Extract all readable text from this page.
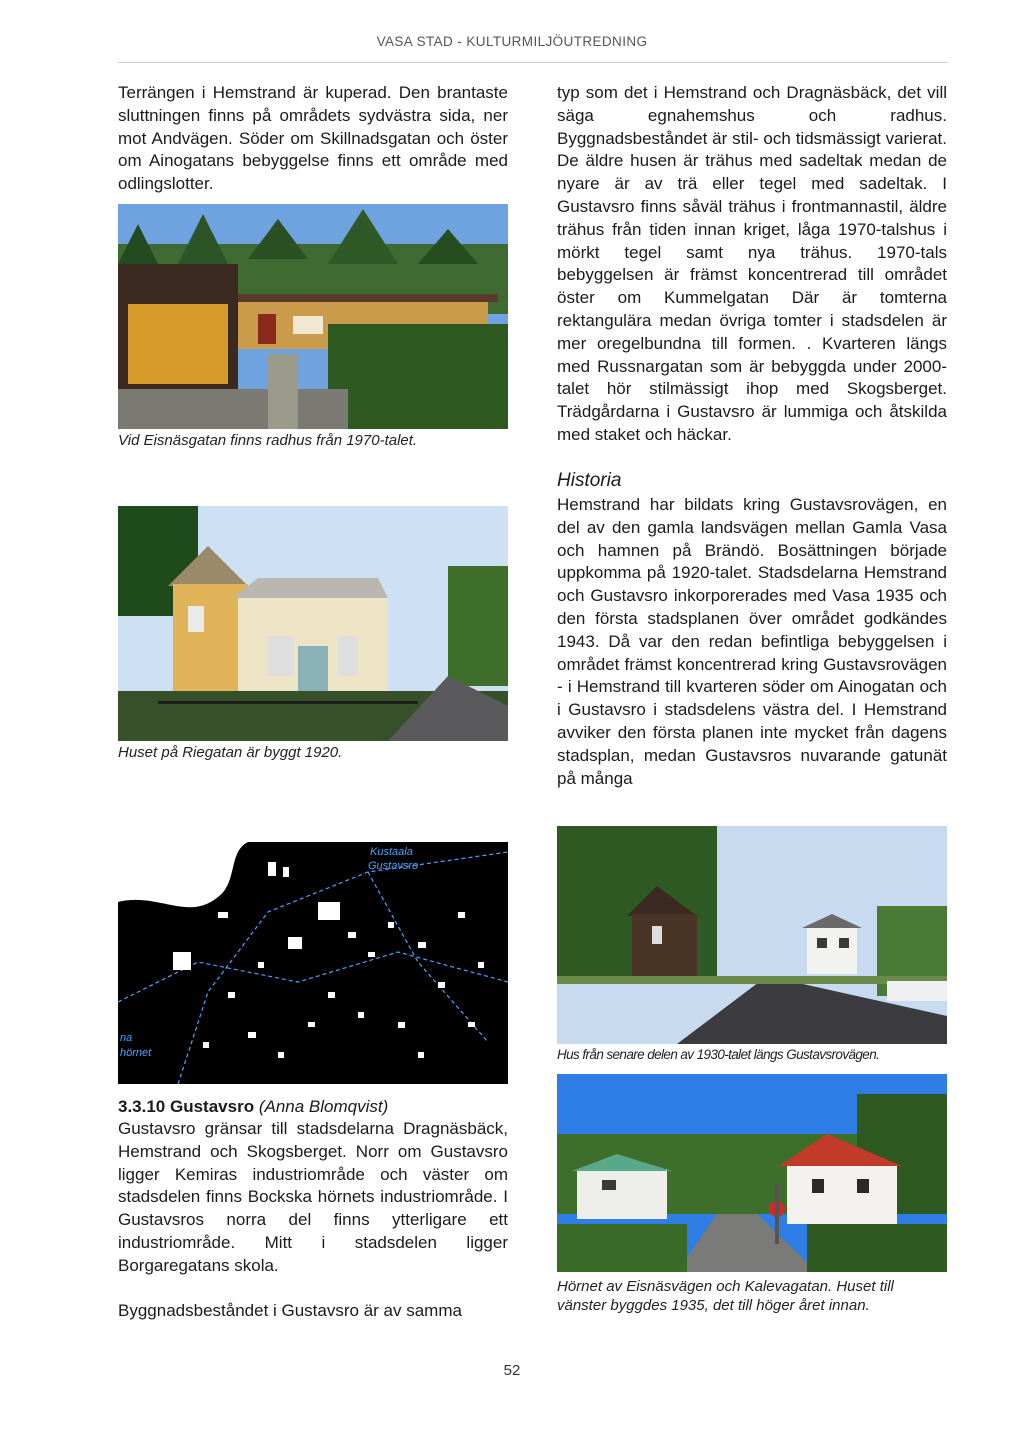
VASA STAD - KULTURMILJÖUTREDNING

Terrängen i Hemstrand är kuperad. Den brantaste sluttningen finns på områdets sydvästra sida, ner mot Andvägen. Söder om Skillnadsgatan och öster om Ainogatans bebyggelse finns ett område med odlingslotter.

Vid Eisnäsgatan finns radhus från 1970-talet.
Huset på Riegatan är byggt 1920.
Kustaala
Gustavsro
na
hörnet
3.3.10 Gustavsro (Anna Blomqvist)

Gustavsro gränsar till stadsdelarna Dragnäsbäck, Hemstrand och Skogsberget. Norr om Gustavsro ligger Kemiras industriområde och väster om stadsdelen finns Bockska hörnets industriområde. I Gustavsros norra del finns ytterligare ett industriområde. Mitt i stadsdelen ligger Borgaregatans skola.

Byggnadsbeståndet i Gustavsro är av samma

typ som det i Hemstrand och Dragnäsbäck, det vill säga egnahemshus och radhus. Byggnadsbeståndet är stil- och tidsmässigt varierat. De äldre husen är trähus med sadeltak medan de nyare är av trä eller tegel med sadeltak. I Gustavsro finns såväl trähus i frontmannastil, äldre trähus från tiden innan kriget, låga 1970-talshus i mörkt tegel samt nya trähus. 1970-tals bebyggelsen är främst koncentrerad till området öster om Kummelgatan Där är tomterna rektangulära medan övriga tomter i stadsdelen är mer oregelbundna till formen. . Kvarteren längs med Russnargatan som är bebyggda under 2000-talet hör stilmässigt ihop med Skogsberget. Trädgårdarna i Gustavsro är lummiga och åtskilda med staket och häckar.

Historia

Hemstrand har bildats kring Gustavsrovägen, en del av den gamla landsvägen mellan Gamla Vasa och hamnen på Brändö. Bosättningen började uppkomma på 1920-talet. Stadsdelarna Hemstrand och Gustavsro inkorporerades med Vasa 1935 och den första stadsplanen över området godkändes 1943. Då var den redan befintliga bebyggelsen i området främst koncentrerad kring Gustavsrovägen - i Hemstrand till kvarteren söder om Ainogatan och i Gustavsro i stadsdelens västra del. I Hemstrand avviker den första planen inte mycket från dagens stadsplan, medan Gustavsros nuvarande gatunät på många

Hus från senare delen av 1930-talet längs Gustavsrovägen.
Hörnet av Eisnäsvägen och Kalevagatan. Huset till vänster byggdes 1935, det till höger året innan.
52
